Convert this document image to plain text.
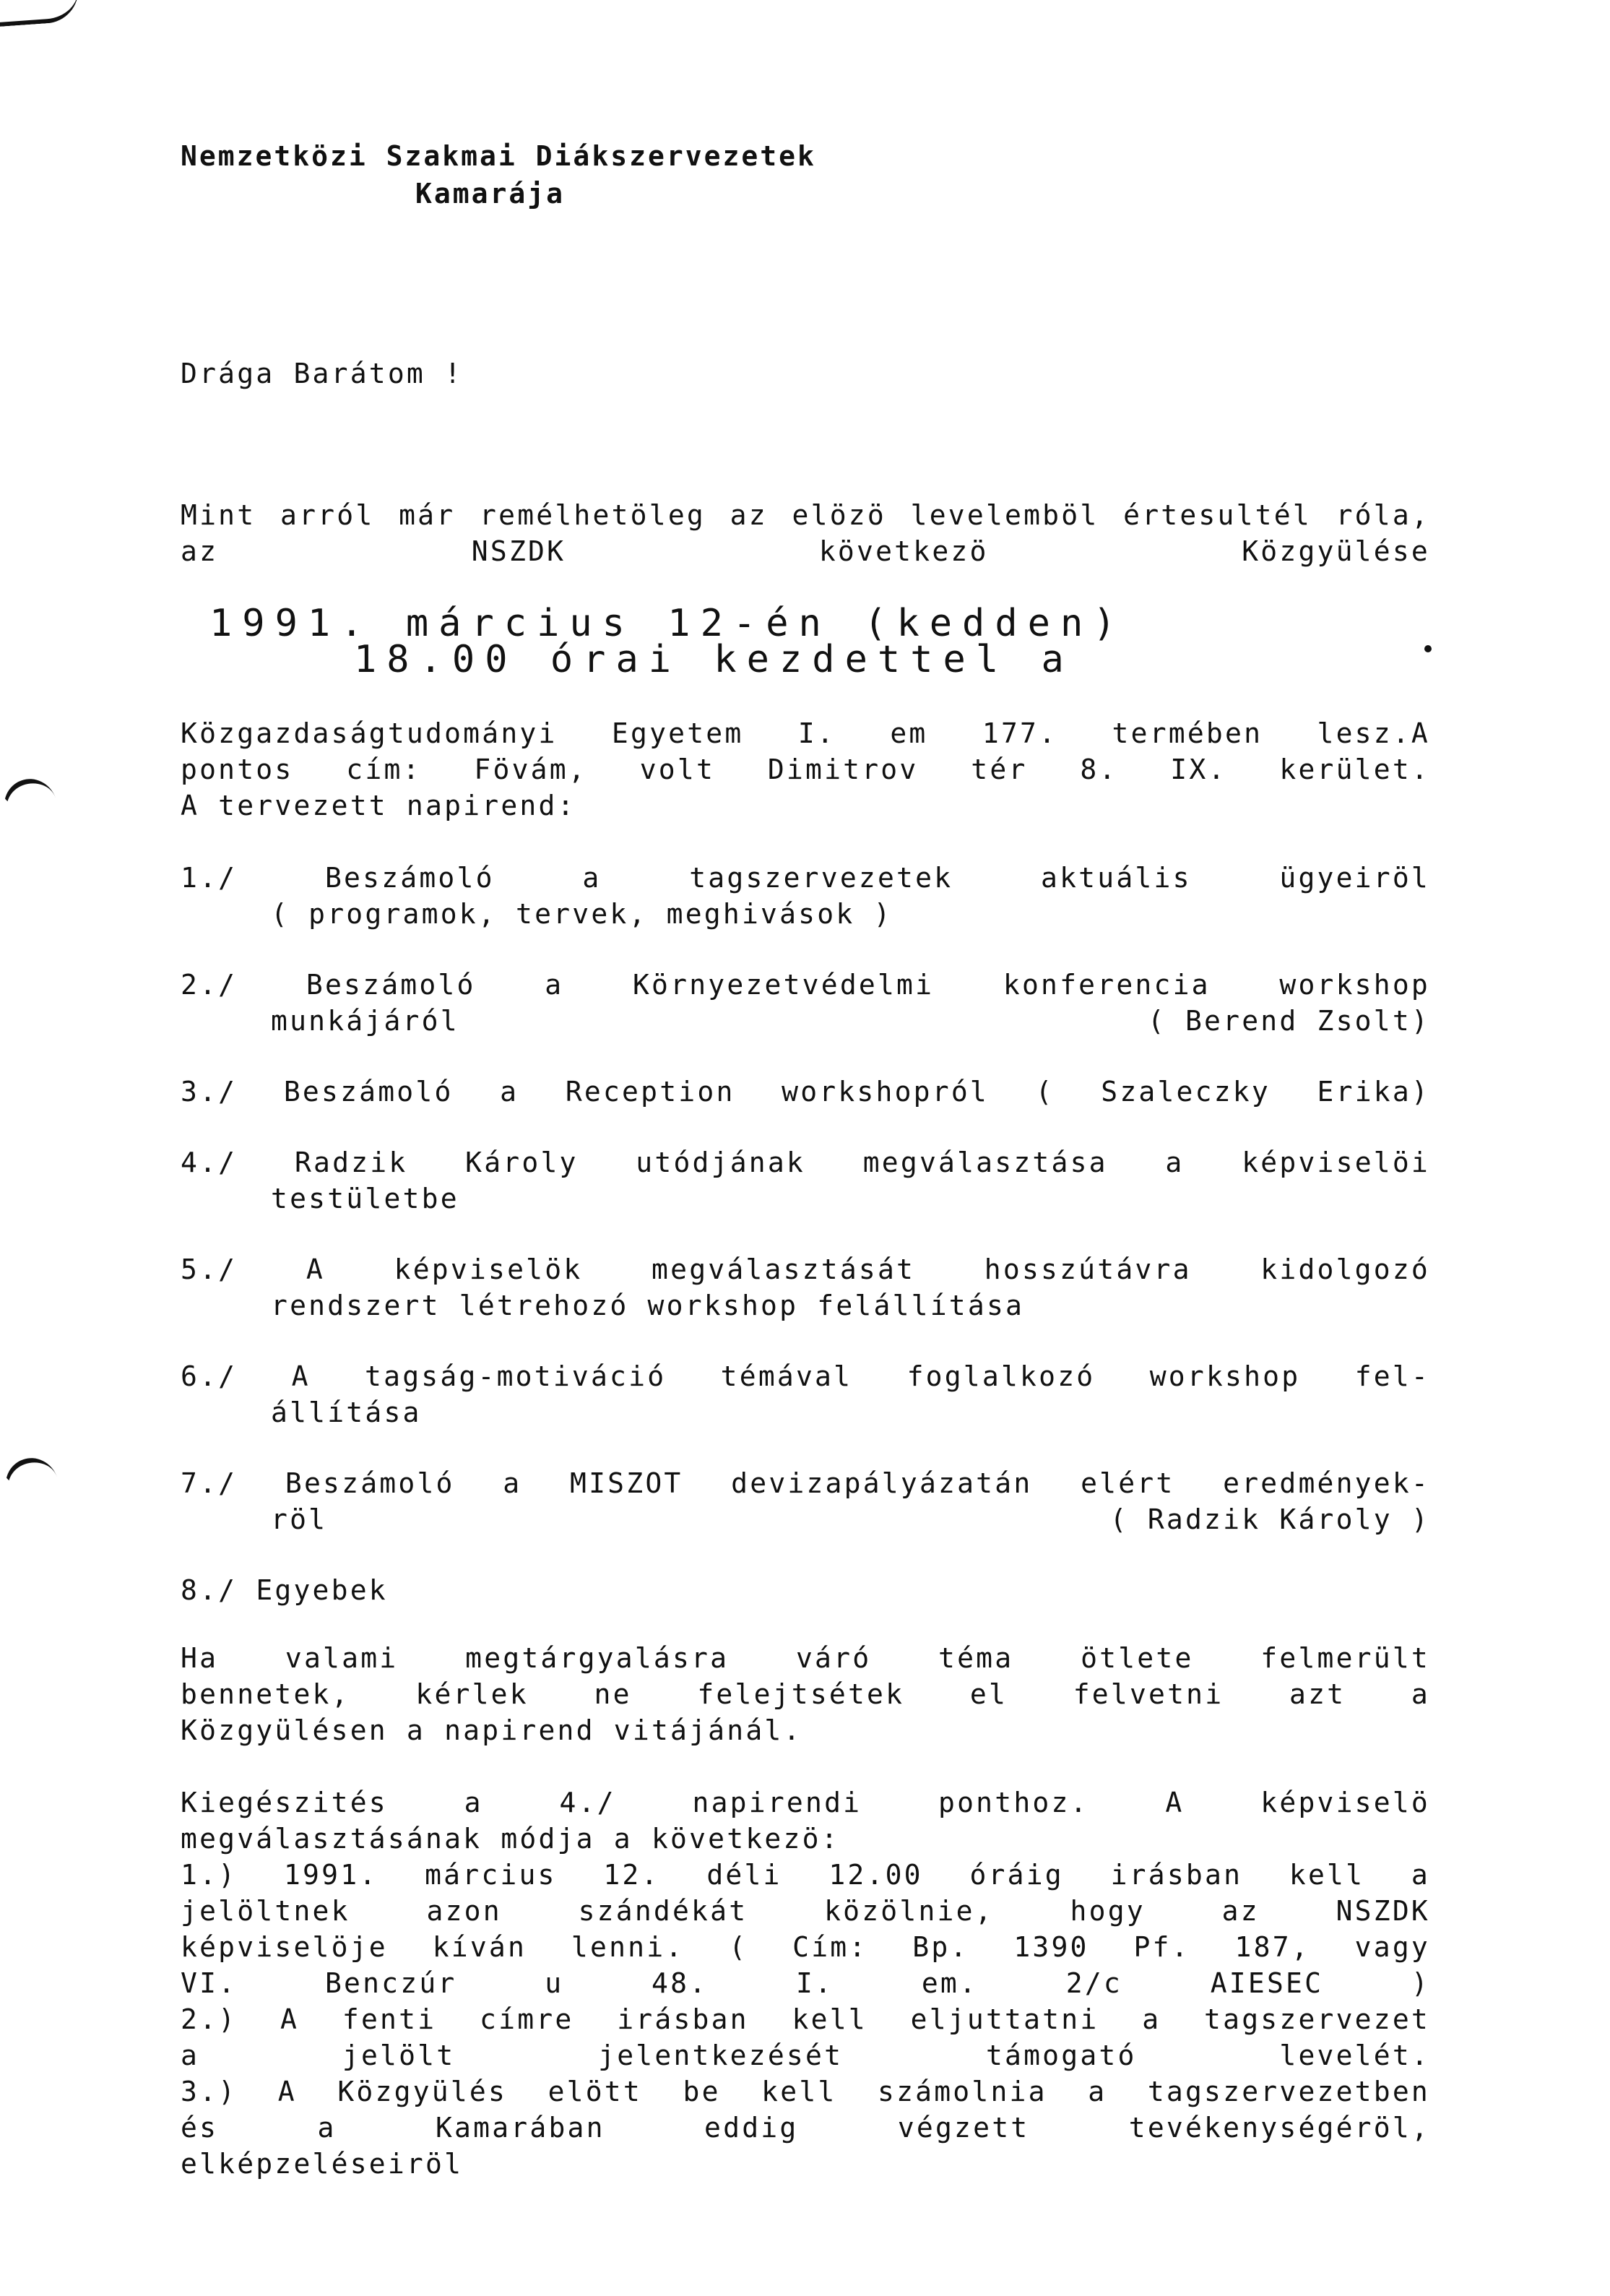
Nemzetközi Szakmai Diákszervezetek
Kamarája
Drága Barátom !
Mint arról már remélhetöleg az elözö levelemböl értesultél róla, az NSZDK következö Közgyülése
1991. március 12-én (kedden)
18.00 órai kezdettel a
Közgazdaságtudományi Egyetem I. em 177. termében lesz.A
pontos cím: Fövám, volt Dimitrov tér 8. IX. kerület.
A tervezett napirend:
1./	Beszámoló a tagszervezetek aktuális ügyeiröl
( programok, tervek, meghivások )
2./	Beszámoló a Környezetvédelmi konferencia workshop
munkájáról	( Berend Zsolt)
3./ Beszámoló a Reception workshopról ( Szaleczky Erika)
4./ Radzik Károly utódjának megválasztása a képviselöi
testületbe
5./	A képviselök megválasztását hosszútávra kidolgozó
rendszert létrehozó workshop felállítása
6./ A tagság-motiváció témával foglalkozó workshop fel-
állítása
7./ Beszámoló a MISZOT devizapályázatán elért eredmények-
röl	( Radzik Károly )
8./ Egyebek
Ha valami megtárgyalásra váró téma ötlete felmerült
bennetek, kérlek ne felejtsétek el felvetni azt a
Közgyülésen a napirend vitájánál.
Kiegészités a 4./ napirendi ponthoz. A képviselö
megválasztásának módja a következö:
1.) 1991. március 12. déli 12.00 óráig irásban kell a
jelöltnek azon szándékát közölnie, hogy az NSZDK
képviselöje kíván lenni. ( Cím: Bp. 1390 Pf. 187, vagy
VI. Benczúr u 48. I. em. 2/c AIESEC )
2.) A fenti címre irásban kell eljuttatni a tagszervezet
a jelölt jelentkezését támogató levelét.
3.) A Közgyülés elött be kell számolnia a tagszervezetben
és a Kamarában eddig végzett tevékenységéröl,
elképzeléseiröl
